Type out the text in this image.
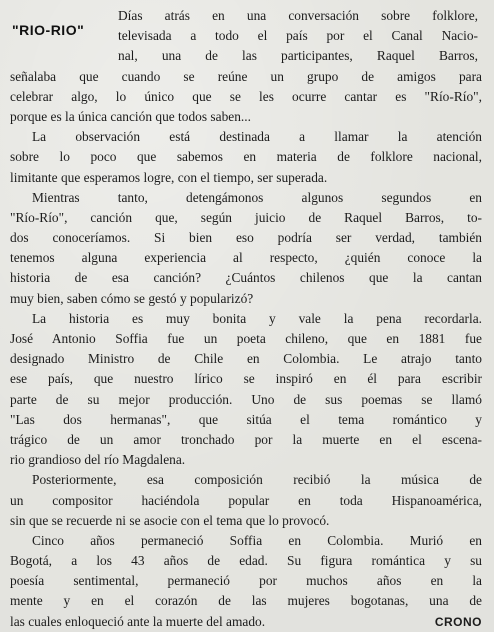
"RIO-RIO"
Días atrás en una conversación sobre folklore,
televisada a todo el país por el Canal Nacio-
nal, una de las participantes, Raquel Barros,
señalaba que cuando se reúne un grupo de amigos para
celebrar algo, lo único que se les ocurre cantar es "Río-Río",
porque es la única canción que todos saben...
La observación está destinada a llamar la atención
sobre lo poco que sabemos en materia de folklore nacional,
limitante que esperamos logre, con el tiempo, ser superada.
Mientras tanto, detengámonos algunos segundos en
"Río-Río", canción que, según juicio de Raquel Barros, to-
dos conoceríamos. Si bien eso podría ser verdad, también
tenemos alguna experiencia al respecto, ¿quién conoce la
historia de esa canción? ¿Cuántos chilenos que la cantan
muy bien, saben cómo se gestó y popularizó?
La historia es muy bonita y vale la pena recordarla.
José Antonio Soffia fue un poeta chileno, que en 1881 fue
designado Ministro de Chile en Colombia. Le atrajo tanto
ese país, que nuestro lírico se inspiró en él para escribir
parte de su mejor producción. Uno de sus poemas se llamó
"Las dos hermanas", que sitúa el tema romántico y
trágico de un amor tronchado por la muerte en el escena-
rio grandioso del río Magdalena.
Posteriormente, esa composición recibió la música de
un compositor haciéndola popular en toda Hispanoamérica,
sin que se recuerde ni se asocie con el tema que lo provocó.
Cinco años permaneció Soffia en Colombia. Murió en
Bogotá, a los 43 años de edad. Su figura romántica y su
poesía sentimental, permaneció por muchos años en la
mente y en el corazón de las mujeres bogotanas, una de
las cuales enloqueció ante la muerte del amado.	CRONO
